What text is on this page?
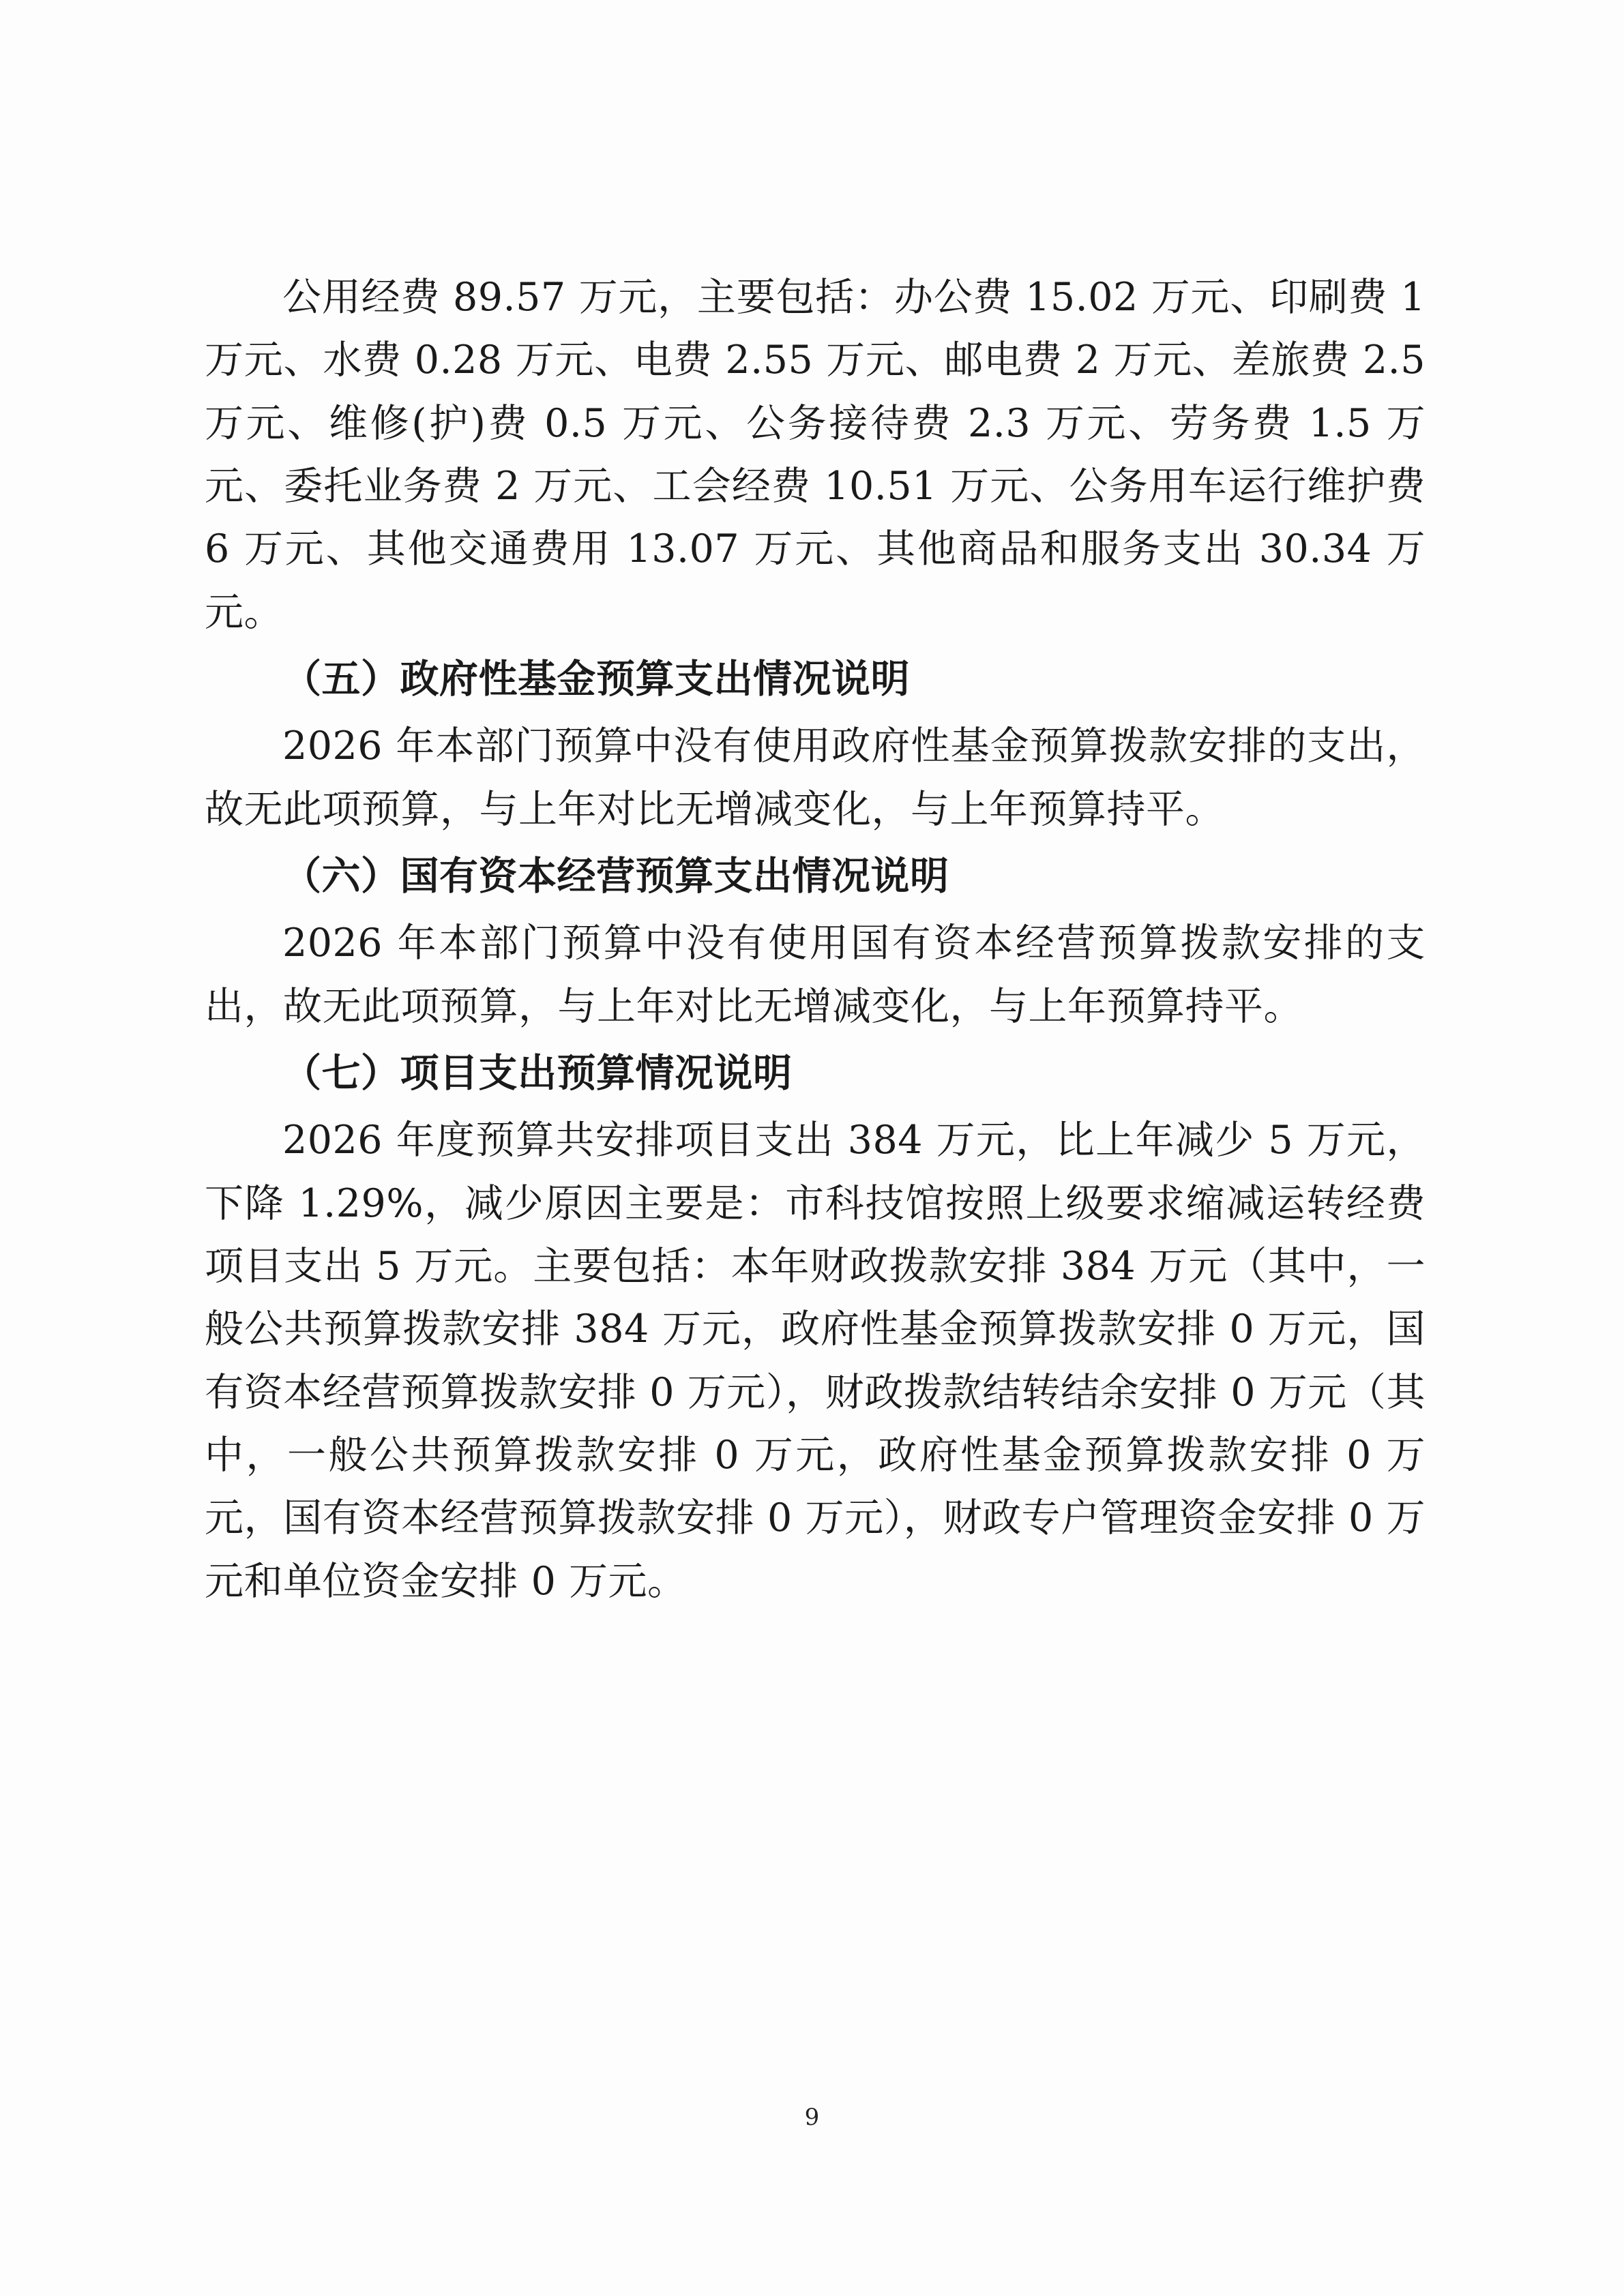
公用经费 89.57 万元，主要包括：办公费 15.02 万元、印刷费 1 万元、水费 0.28 万元、电费 2.55 万元、邮电费 2 万元、差旅费 2.5 万元、维修(护)费 0.5 万元、公务接待费 2.3 万元、劳务费 1.5 万元、委托业务费 2 万元、工会经费 10.51 万元、公务用车运行维护费 6 万元、其他交通费用 13.07 万元、其他商品和服务支出 30.34 万元。

（五）政府性基金预算支出情况说明

2026 年本部门预算中没有使用政府性基金预算拨款安排的支出，故无此项预算，与上年对比无增减变化，与上年预算持平。

（六）国有资本经营预算支出情况说明

2026 年本部门预算中没有使用国有资本经营预算拨款安排的支出，故无此项预算，与上年对比无增减变化，与上年预算持平。

（七）项目支出预算情况说明

2026 年度预算共安排项目支出 384 万元，比上年减少 5 万元，下降 1.29%，减少原因主要是：市科技馆按照上级要求缩减运转经费项目支出 5 万元。主要包括：本年财政拨款安排 384 万元（其中，一般公共预算拨款安排 384 万元，政府性基金预算拨款安排 0 万元，国有资本经营预算拨款安排 0 万元），财政拨款结转结余安排 0 万元（其中，一般公共预算拨款安排 0 万元，政府性基金预算拨款安排 0 万元，国有资本经营预算拨款安排 0 万元），财政专户管理资金安排 0 万元和单位资金安排 0 万元。

9
